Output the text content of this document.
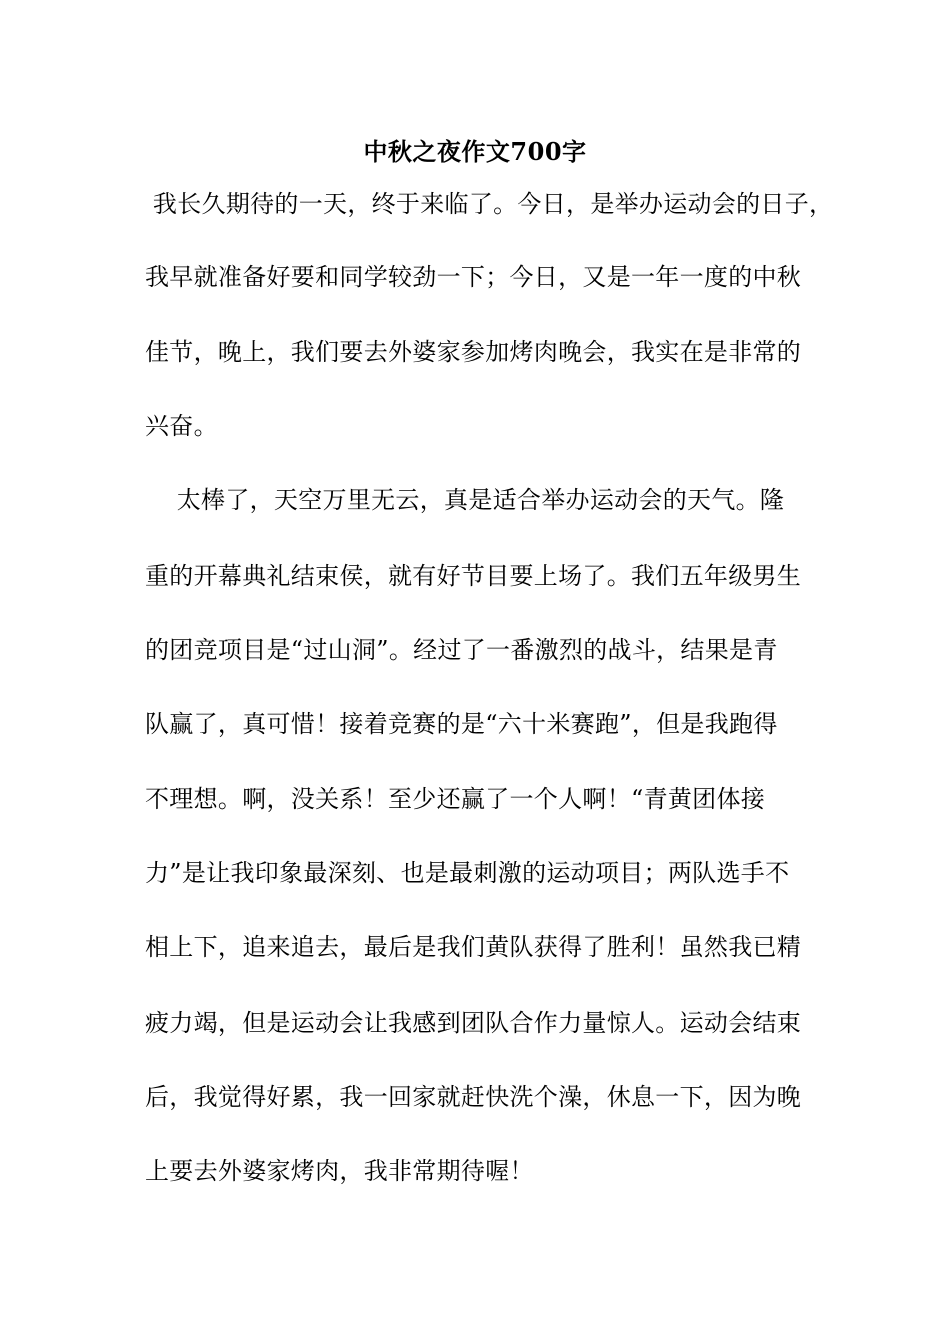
中秋之夜作文700字
我长久期待的一天，终于来临了。今日，是举办运动会的日子，
我早就准备好要和同学较劲一下；今日，又是一年一度的中秋
佳节，晚上，我们要去外婆家参加烤肉晚会，我实在是非常的
兴奋。
太棒了，天空万里无云，真是适合举办运动会的天气。隆
重的开幕典礼结束侯，就有好节目要上场了。我们五年级男生
的团竞项目是“过山洞”。经过了一番激烈的战斗，结果是青
队赢了，真可惜！接着竞赛的是“六十米赛跑”，但是我跑得
不理想。啊，没关系！至少还赢了一个人啊！“青黄团体接
力”是让我印象最深刻、也是最刺激的运动项目；两队选手不
相上下，追来追去，最后是我们黄队获得了胜利！虽然我已精
疲力竭，但是运动会让我感到团队合作力量惊人。运动会结束
后，我觉得好累，我一回家就赶快洗个澡，休息一下，因为晚
上要去外婆家烤肉，我非常期待喔！
